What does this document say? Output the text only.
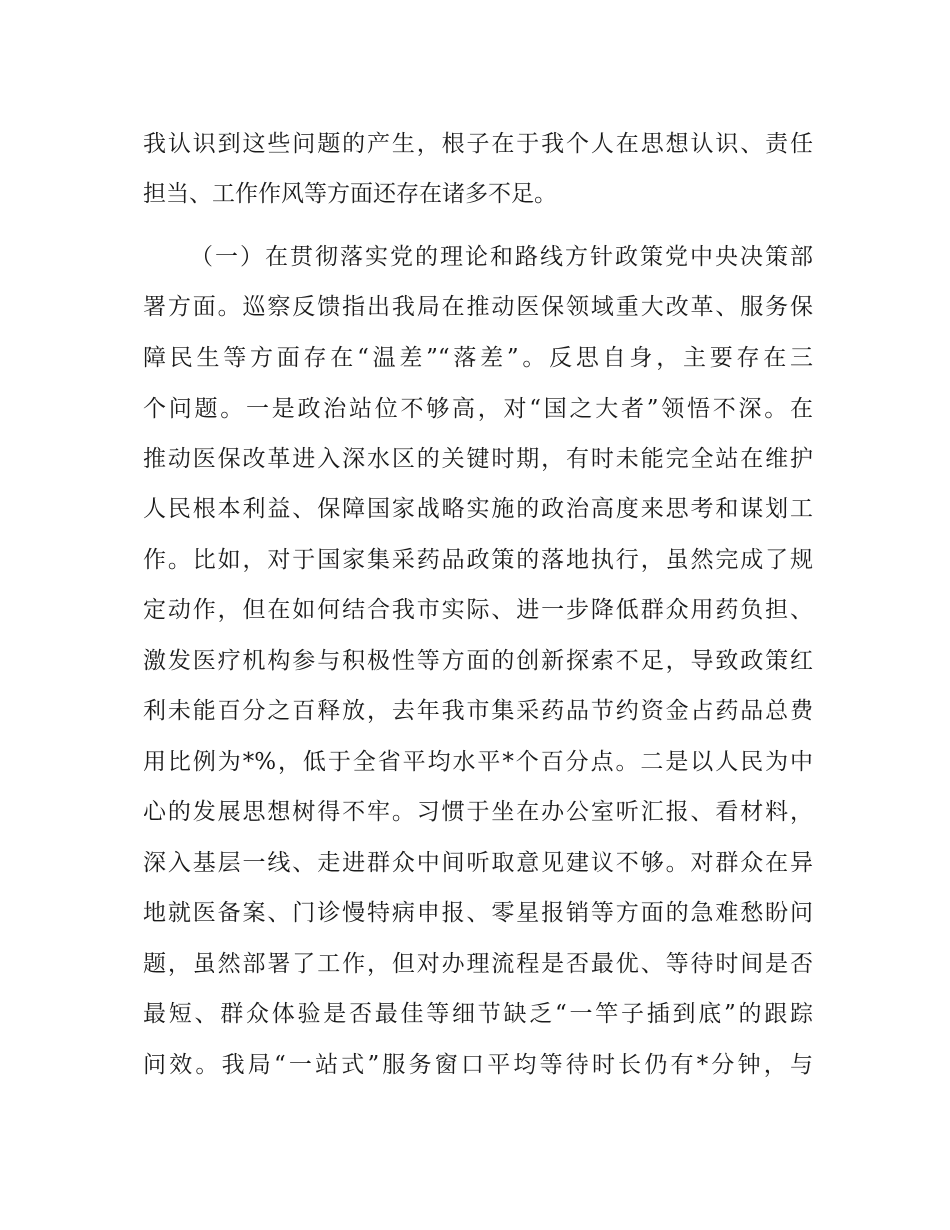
我认识到这些问题的产生，根子在于我个人在思想认识、责任
担当、工作作风等方面还存在诸多不足。
（一）在贯彻落实党的理论和路线方针政策党中央决策部
署方面。巡察反馈指出我局在推动医保领域重大改革、服务保
障民生等方面存在“温差”“落差”。反思自身，主要存在三
个问题。一是政治站位不够高，对“国之大者”领悟不深。在
推动医保改革进入深水区的关键时期，有时未能完全站在维护
人民根本利益、保障国家战略实施的政治高度来思考和谋划工
作。比如，对于国家集采药品政策的落地执行，虽然完成了规
定动作，但在如何结合我市实际、进一步降低群众用药负担、
激发医疗机构参与积极性等方面的创新探索不足，导致政策红
利未能百分之百释放，去年我市集采药品节约资金占药品总费
用比例为*%，低于全省平均水平*个百分点。二是以人民为中
心的发展思想树得不牢。习惯于坐在办公室听汇报、看材料，
深入基层一线、走进群众中间听取意见建议不够。对群众在异
地就医备案、门诊慢特病申报、零星报销等方面的急难愁盼问
题，虽然部署了工作，但对办理流程是否最优、等待时间是否
最短、群众体验是否最佳等细节缺乏“一竿子插到底”的跟踪
问效。我局“一站式”服务窗口平均等待时长仍有*分钟，与
